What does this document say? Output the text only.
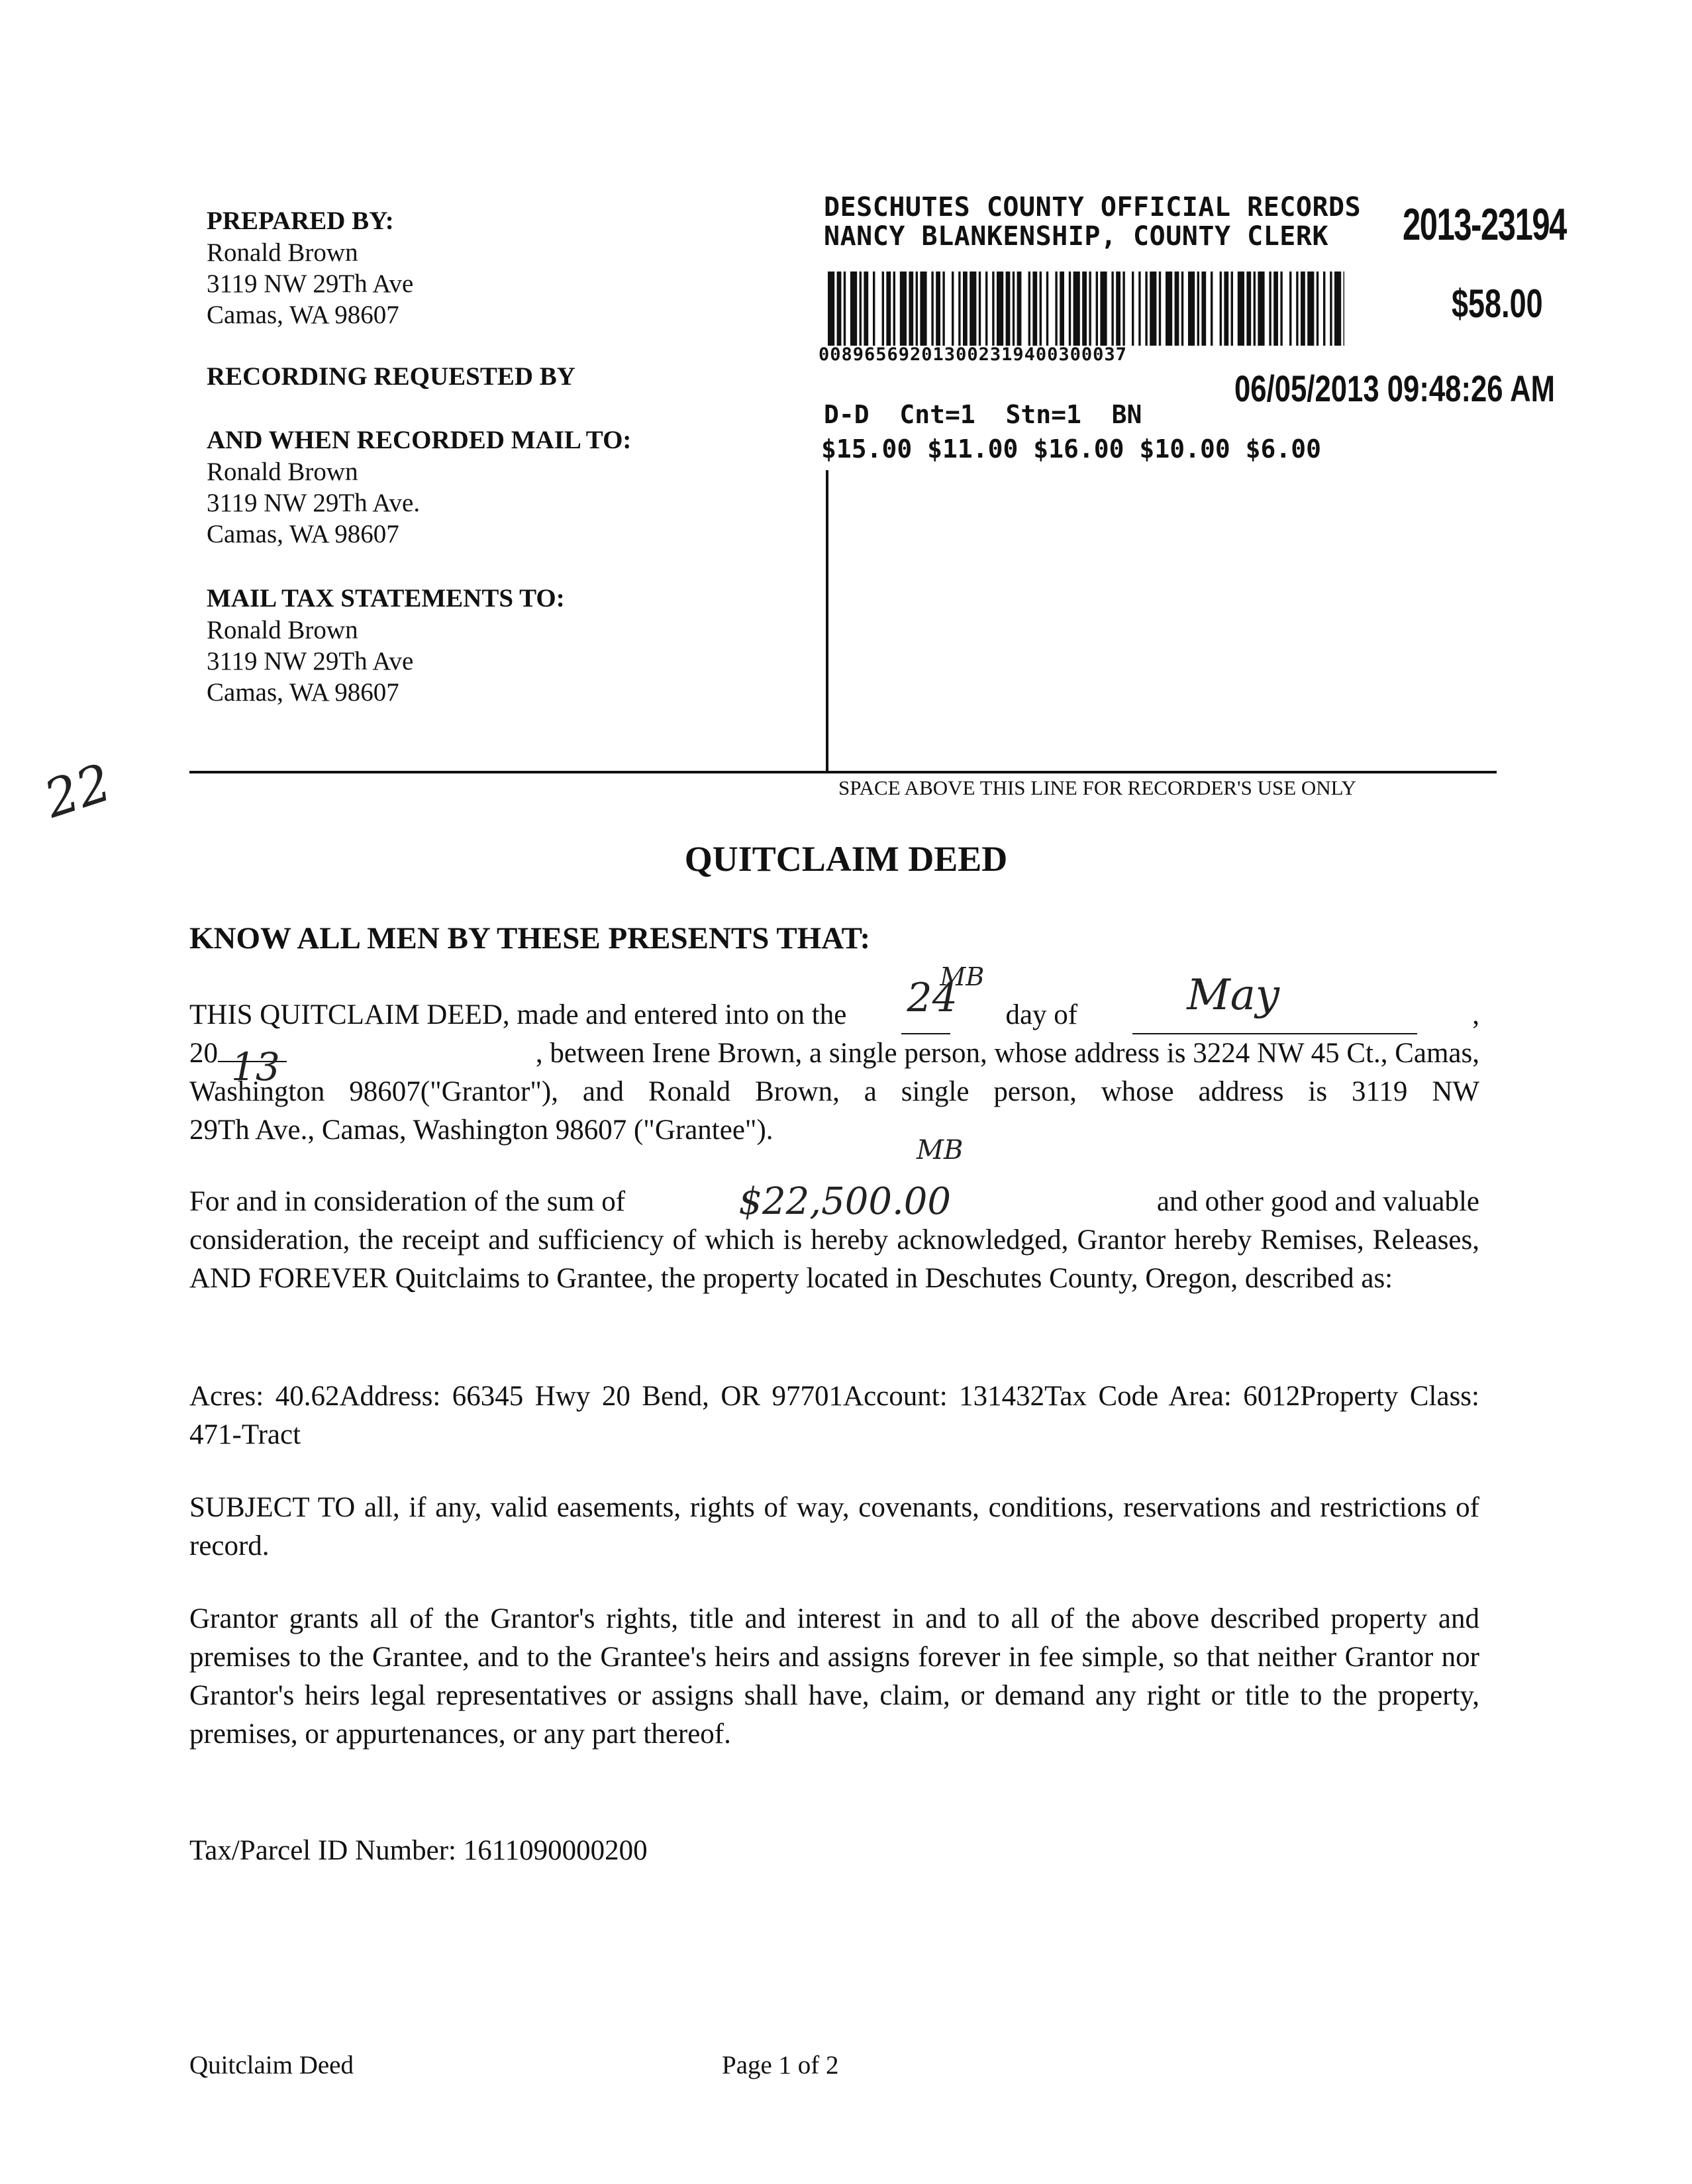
PREPARED BY:
Ronald Brown
3119 NW 29Th Ave
Camas, WA 98607
RECORDING REQUESTED BY
AND WHEN RECORDED MAIL TO:
Ronald Brown
3119 NW 29Th Ave.
Camas, WA 98607
MAIL TAX STATEMENTS TO:
Ronald Brown
3119 NW 29Th Ave
Camas, WA 98607
DESCHUTES COUNTY OFFICIAL RECORDS
NANCY BLANKENSHIP, COUNTY CLERK 2013-23194
$58.00
008965692013002319400300037
06/05/2013 09:48:26 AM
D-D  Cnt=1  Stn=1  BN
$15.00 $11.00 $16.00 $10.00 $6.00
22	SPACE ABOVE THIS LINE FOR RECORDER'S USE ONLY
QUITCLAIM DEED
KNOW ALL MEN BY THESE PRESENTS THAT:
THIS QUITCLAIM DEED, made and entered into on the 24
MB
day of	May	,
20 13	, between Irene Brown, a single person, whose address is 3224 NW 45 Ct., Camas,
Washington 98607("Grantor"), and Ronald Brown, a single person, whose address is 3119 NW
29Th Ave., Camas, Washington 98607 ("Grantee").
MB
For and in consideration of the sum of	$22,500.00	and other good and valuable
consideration, the receipt and sufficiency of which is hereby acknowledged, Grantor hereby Remises, Releases, AND FOREVER Quitclaims to Grantee, the property located in Deschutes County, Oregon, described as:
Acres: 40.62Address: 66345 Hwy 20 Bend, OR 97701Account: 131432Tax Code Area: 6012Property Class: 471-Tract
SUBJECT TO all, if any, valid easements, rights of way, covenants, conditions, reservations and restrictions of record.
Grantor grants all of the Grantor's rights, title and interest in and to all of the above described property and premises to the Grantee, and to the Grantee's heirs and assigns forever in fee simple, so that neither Grantor nor Grantor's heirs legal representatives or assigns shall have, claim, or demand any right or title to the property, premises, or appurtenances, or any part thereof.
Tax/Parcel ID Number: 1611090000200
Quitclaim Deed	Page 1 of 2
